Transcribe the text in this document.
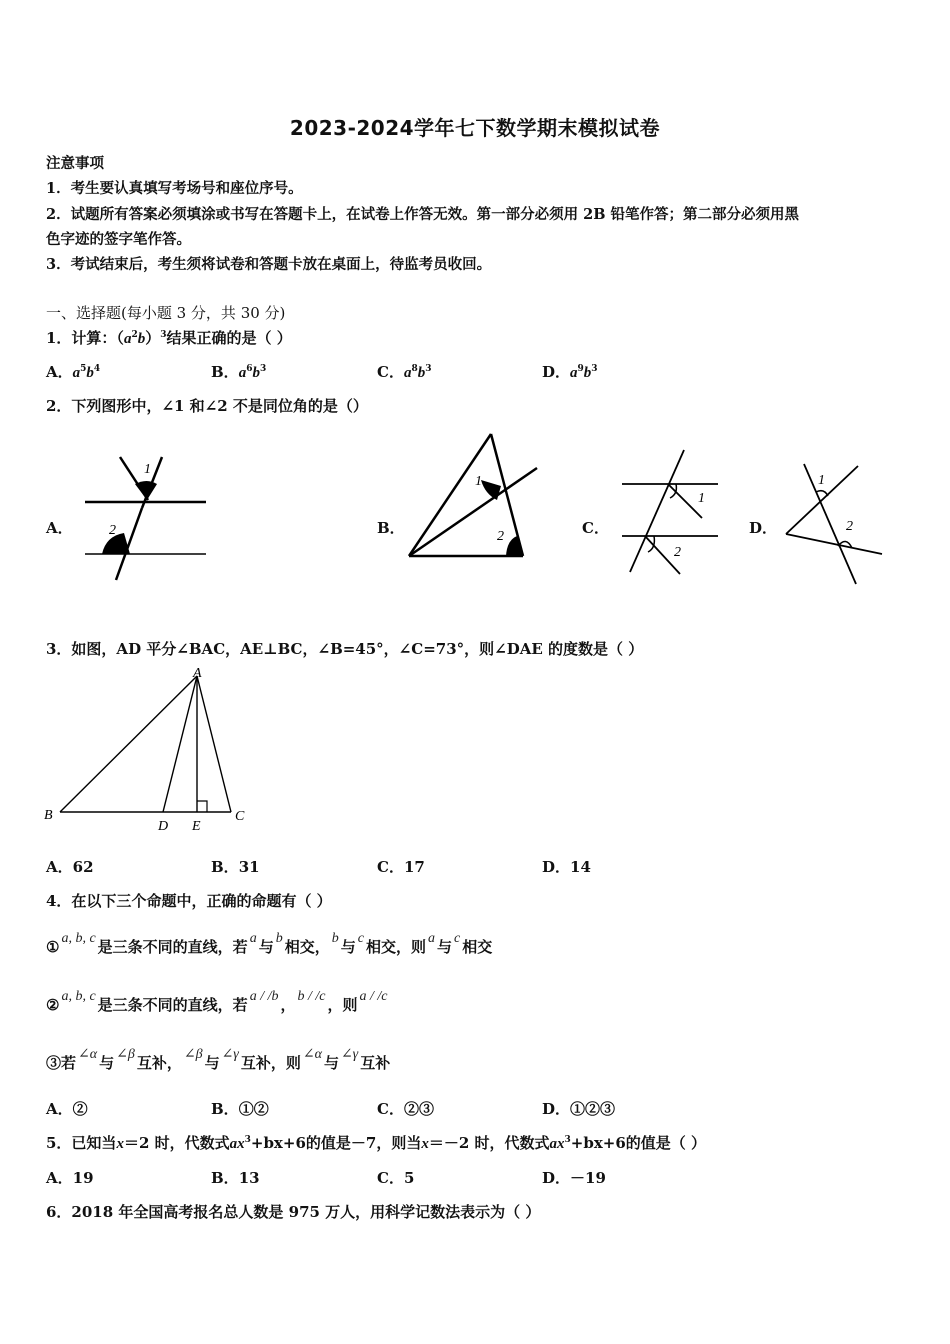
2023-2024学年七下数学期末模拟试卷
注意事项
1．考生要认真填写考场号和座位序号。
2．试题所有答案必须填涂或书写在答题卡上，在试卷上作答无效。第一部分必须用 2B 铅笔作答；第二部分必须用黑
色字迹的签字笔作答。
3．考试结束后，考生须将试卷和答题卡放在桌面上，待监考员收回。
一、选择题(每小题 3 分，共 30 分)
1．计算：$(a^2b)^3$结果正确的是（ ）
A．$a^5b^4$	B．$a^6b^3$	C．$a^8b^3$	D．$a^9b^3$
2．下列图形中，∠1 和∠2 不是同位角的是（）
A．	B．	C．	D．
1
2
1
2
1
2
1
2
3．如图，AD 平分∠BAC，AE⊥BC，∠B=45°，∠C=73°，则∠DAE 的度数是（ ）
A
B	C
D E
A．62	B．31	C．17	D．14
4．在以下三个命题中，正确的命题有（ ）
① a, b, c 是三条不同的直线，若 a 与 b 相交， b 与 c 相交，则 a 与 c 相交
② a, b, c 是三条不同的直线，若 a / /b ， b / /c ，则 a / /c
③若 ∠α 与 ∠β 互补， ∠β 与 ∠γ 互补，则 ∠α 与 ∠γ 互补
A．②	B．①②	C．②③	D．①②③
5．已知当x＝2 时，代数式$ax^3+bx+6$的值是－7，则当x＝－2 时，代数式$ax^3+bx+6$的值是（ ）
A．19	B．13	C．5	D．－19
6．2018 年全国高考报名总人数是 975 万人，用科学记数法表示为（ ）
